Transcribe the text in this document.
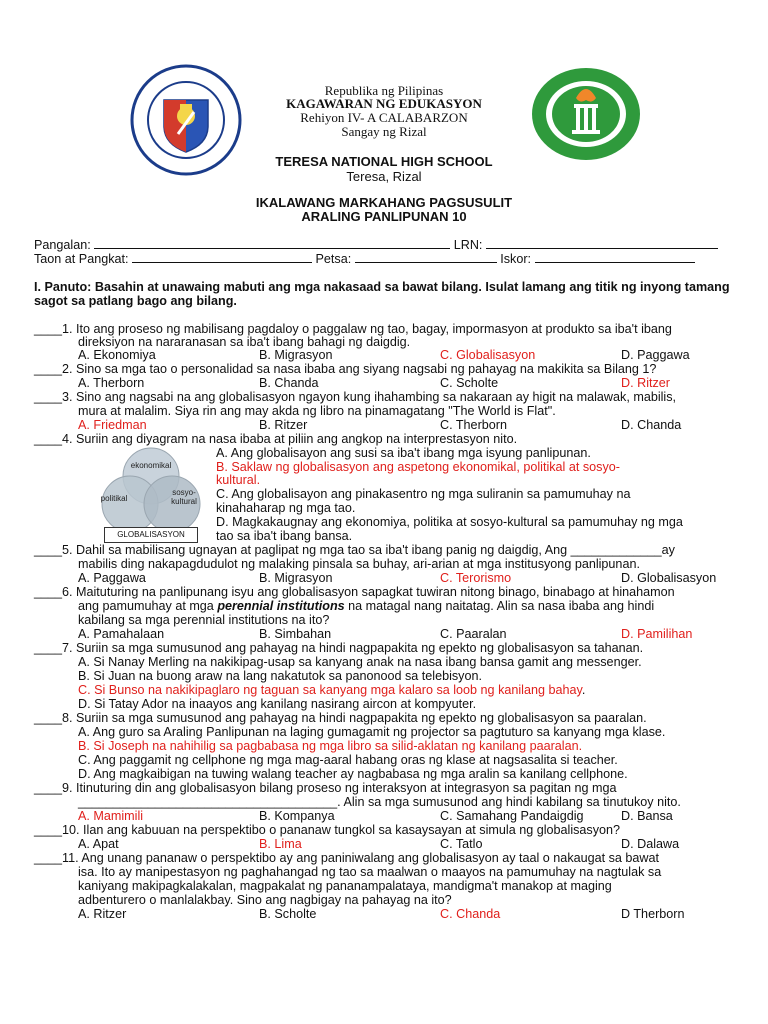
Republika ng Pilipinas
KAGAWARAN NG EDUKASYON
Rehiyon IV- A CALABARZON
Sangay ng Rizal
TERESA NATIONAL HIGH SCHOOL
Teresa, Rizal
IKALAWANG MARKAHANG PAGSUSULIT
ARALING PANLIPUNAN 10
Pangalan:	LRN:
Taon at Pangkat:	Petsa:	Iskor:
I. Panuto: Basahin at unawaing mabuti ang mga nakasaad sa bawat bilang. Isulat lamang ang titik ng inyong tamang sagot sa patlang bago ang bilang.
____1. Ito ang proseso ng mabilisang pagdaloy o paggalaw ng tao, bagay, impormasyon at produkto sa iba't ibang
direksiyon na nararanasan sa iba't ibang bahagi ng daigdig.
A. Ekonomiya	B. Migrasyon	C. Globalisasyon	D. Paggawa
____2. Sino sa mga tao o personalidad sa nasa ibaba ang siyang nagsabi ng pahayag na makikita sa Bilang 1?
A. Therborn	B. Chanda	C. Scholte	D. Ritzer
____3. Sino ang nagsabi na ang globalisasyon ngayon kung ihahambing sa nakaraan ay higit na malawak, mabilis,
mura at malalim. Siya rin ang may akda ng libro na pinamagatang "The World is Flat".
A. Friedman	B. Ritzer	C. Therborn	D. Chanda
____4. Suriin ang diyagram na nasa ibaba at piliin ang angkop na interprestasyon nito.
ekonomikal
politikal
sosyo-
kultural
GLOBALISASYON
A. Ang globalisayon ang susi sa iba't ibang mga isyung panlipunan.
B. Saklaw ng globalisasyon ang aspetong ekonomikal, politikal at sosyo-
kultural.
C. Ang globalisayon ang pinakasentro ng mga suliranin sa pamumuhay na
kinahaharap ng mga tao.
D. Magkakaugnay ang ekonomiya, politika at sosyo-kultural sa pamumuhay ng mga
tao sa iba't ibang bansa.
____5. Dahil sa mabilisang ugnayan at paglipat ng mga tao sa iba't ibang panig ng daigdig, Ang _____________ay
mabilis ding nakapagdudulot ng malaking pinsala sa buhay, ari-arian at mga institusyong panlipunan.
A. Paggawa	B. Migrasyon	C. Terorismo	D. Globalisasyon
____6. Maituturing na panlipunang isyu ang globalisasyon sapagkat tuwiran nitong binago, binabago at hinahamon
ang pamumuhay at mga perennial institutions na matagal nang naitatag. Alin sa nasa ibaba ang hindi
kabilang sa mga perennial institutions na ito?
A. Pamahalaan	B. Simbahan	C. Paaralan	D. Pamilihan
____7. Suriin sa mga sumusunod ang pahayag na hindi nagpapakita ng epekto ng globalisasyon sa tahanan.
A. Si Nanay Merling na nakikipag-usap sa kanyang anak na nasa ibang bansa gamit ang messenger.
B. Si Juan na buong araw na lang nakatutok sa panonood sa telebisyon.
C. Si Bunso na nakikipaglaro ng taguan sa kanyang mga kalaro sa loob ng kanilang bahay.
D. Si Tatay Ador na inaayos ang kanilang nasirang aircon at kompyuter.
____8. Suriin sa mga sumusunod ang pahayag na hindi nagpapakita ng epekto ng globalisasyon sa paaralan.
A. Ang guro sa Araling Panlipunan na laging gumagamit ng projector sa pagtuturo sa kanyang mga klase.
B. Si Joseph na nahihilig sa pagbabasa ng mga libro sa silid-aklatan ng kanilang paaralan.
C. Ang paggamit ng cellphone ng mga mag-aaral habang oras ng klase at nagsasalita si teacher.
D. Ang magkaibigan na tuwing walang teacher ay nagbabasa ng mga aralin sa kanilang cellphone.
____9. Itinuturing din ang globalisasyon bilang proseso ng interaksyon at integrasyon sa pagitan ng mga
_____________________________________. Alin sa mga sumusunod ang hindi kabilang sa tinutukoy nito.
A. Mamimili	B. Kompanya	C. Samahang Pandaigdig	D. Bansa
____10. Ilan ang kabuuan na perspektibo o pananaw tungkol sa kasaysayan at simula ng globalisasyon?
A. Apat	B. Lima	C. Tatlo	D. Dalawa
____11. Ang unang pananaw o perspektibo ay ang paniniwalang ang globalisasyon ay taal o nakaugat sa bawat
isa. Ito ay manipestasyon ng paghahangad ng tao sa maalwan o maayos na pamumuhay na nagtulak sa
kaniyang makipagkalakalan, magpakalat ng pananampalataya, mandigma't manakop at maging
adbenturero o manlalakbay. Sino ang nagbigay na pahayag na ito?
A. Ritzer	B. Scholte	C. Chanda	D Therborn
